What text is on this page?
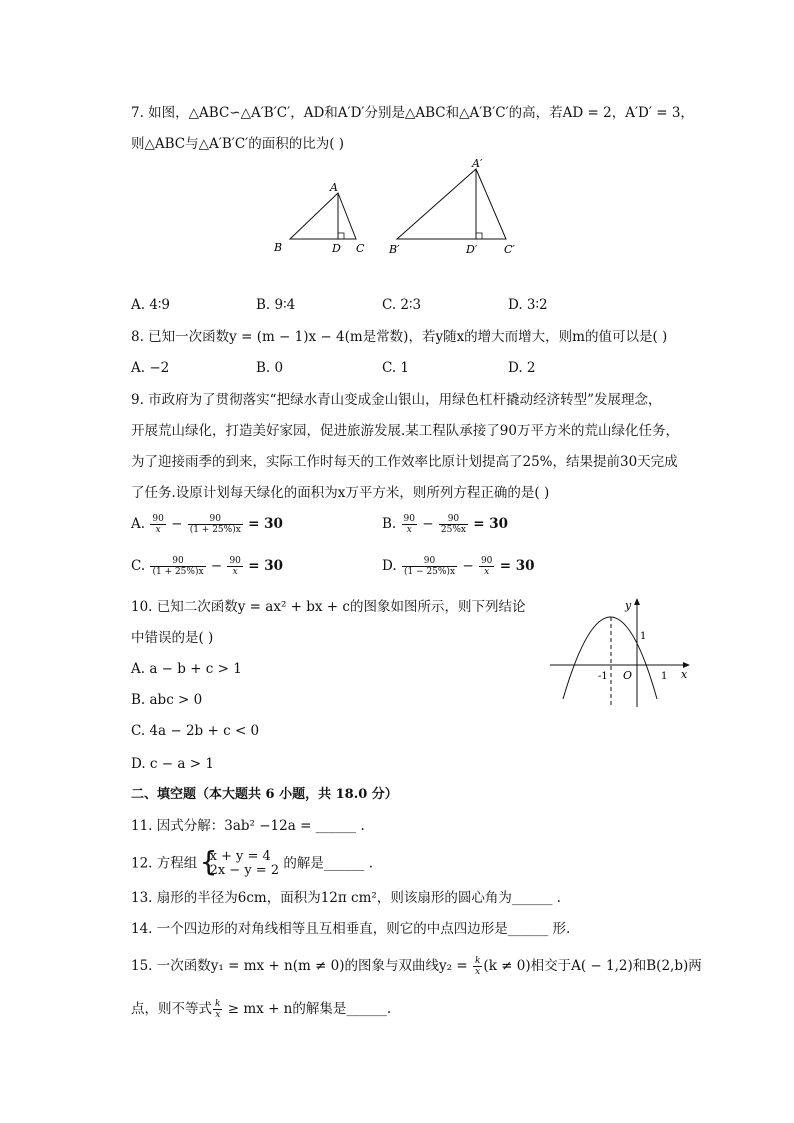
7. 如图，△ABC∽△A′B′C′，AD和A′D′分别是△ABC和△A′B′C′的高，若AD = 2，A′D′ = 3，
则△ABC与△A′B′C′的面积的比为( )
A
B	D C
A′
B′	D′ C′
A. 4∶9	B. 9∶4	C. 2∶3	D. 3∶2
8. 已知一次函数y = (m − 1)x − 4(m是常数)，若y随x的增大而增大，则m的值可以是( )
A. −2	B. 0	C. 1	D. 2
9. 市政府为了贯彻落实“把绿水青山变成金山银山，用绿色杠杆撬动经济转型”发展理念，
开展荒山绿化，打造美好家园，促进旅游发展.某工程队承接了90万平方米的荒山绿化任务，
为了迎接雨季的到来，实际工作时每天的工作效率比原计划提高了25%，结果提前30天完成
了任务.设原计划每天绿化的面积为x万平方米，则所列方程正确的是( )
A. $\frac{90}{x} - \frac{90}{(1 + 25\%)x} = 30$	B. $\frac{90}{x} - \frac{90}{25\%x} = 30$
C. $\frac{90}{(1 + 25\%)x} - \frac{90}{x} = 30$	D. $\frac{90}{(1 - 25\%)x} - \frac{90}{x} = 30$
10. 已知二次函数y = ax² + bx + c的图象如图所示，则下列结论
中错误的是( )
A. a − b + c > 1
B. abc > 0
C. 4a − 2b + c < 0
D. c − a > 1
y
x
1
-1 O	1
二、填空题（本大题共 6 小题，共 18.0 分）
11. 因式分解：3ab² −12a = ______ .
12. 方程组
{ x + y = 4
2x − y = 2 的解是______ .
13. 扇形的半径为6cm，面积为12π cm²，则该扇形的圆心角为______ .
14. 一个四边形的对角线相等且互相垂直，则它的中点四边形是______ 形.
15. 一次函数y₁ = mx + n(m ≠ 0)的图象与双曲线$y_2 = \frac{k}{x} (k \ne 0)$相交于A( − 1,2)和B(2,b)两
点，则不等式 $\frac{k}{x}$ ≥ mx + n的解集是______.
